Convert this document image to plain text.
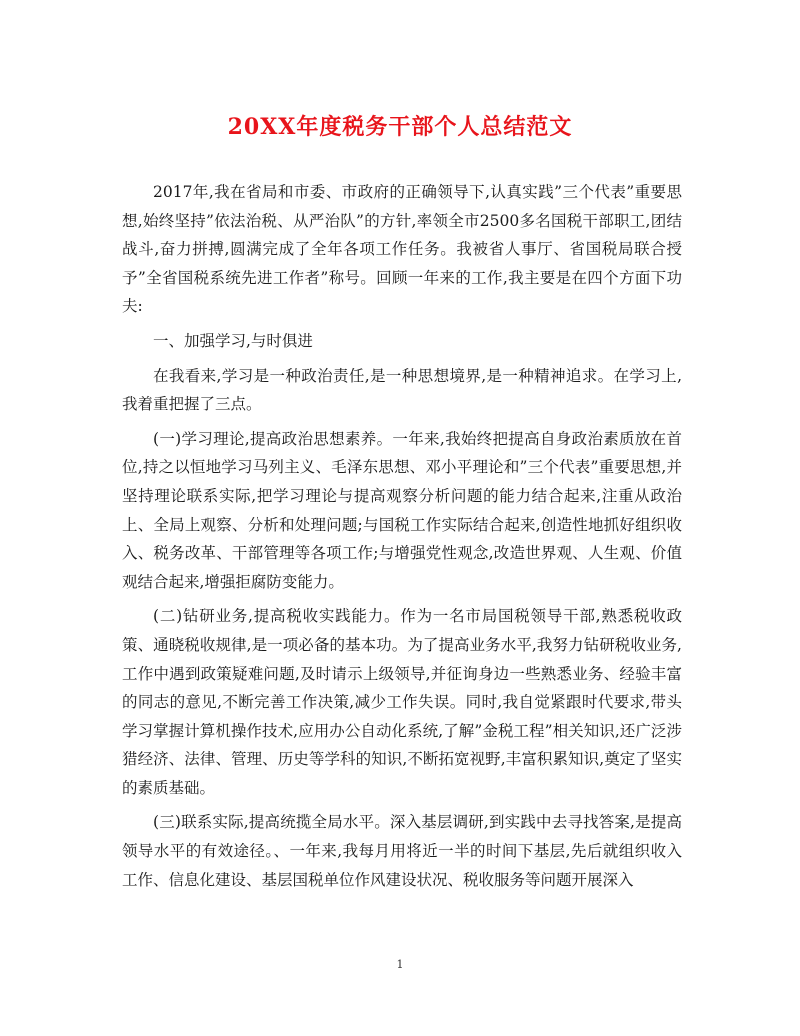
20XX年度税务干部个人总结范文

2017年,我在省局和市委、市政府的正确领导下,认真实践”三个代表”重要思想,始终坚持”依法治税、从严治队”的方针,率领全市2500多名国税干部职工,团结战斗,奋力拼搏,圆满完成了全年各项工作任务。我被省人事厅、省国税局联合授予”全省国税系统先进工作者”称号。回顾一年来的工作,我主要是在四个方面下功夫:

一、加强学习,与时俱进

在我看来,学习是一种政治责任,是一种思想境界,是一种精神追求。在学习上,我着重把握了三点。

(一)学习理论,提高政治思想素养。一年来,我始终把提高自身政治素质放在首位,持之以恒地学习马列主义、毛泽东思想、邓小平理论和”三个代表”重要思想,并坚持理论联系实际,把学习理论与提高观察分析问题的能力结合起来,注重从政治上、全局上观察、分析和处理问题;与国税工作实际结合起来,创造性地抓好组织收入、税务改革、干部管理等各项工作;与增强党性观念,改造世界观、人生观、价值观结合起来,增强拒腐防变能力。

(二)钻研业务,提高税收实践能力。作为一名市局国税领导干部,熟悉税收政策、通晓税收规律,是一项必备的基本功。为了提高业务水平,我努力钻研税收业务,工作中遇到政策疑难问题,及时请示上级领导,并征询身边一些熟悉业务、经验丰富的同志的意见,不断完善工作决策,减少工作失误。同时,我自觉紧跟时代要求,带头学习掌握计算机操作技术,应用办公自动化系统,了解”金税工程”相关知识,还广泛涉猎经济、法律、管理、历史等学科的知识,不断拓宽视野,丰富积累知识,奠定了坚实的素质基础。

(三)联系实际,提高统揽全局水平。深入基层调研,到实践中去寻找答案,是提高领导水平的有效途径。、一年来,我每月用将近一半的时间下基层,先后就组织收入工作、信息化建设、基层国税单位作风建设状况、税收服务等问题开展深入

1
